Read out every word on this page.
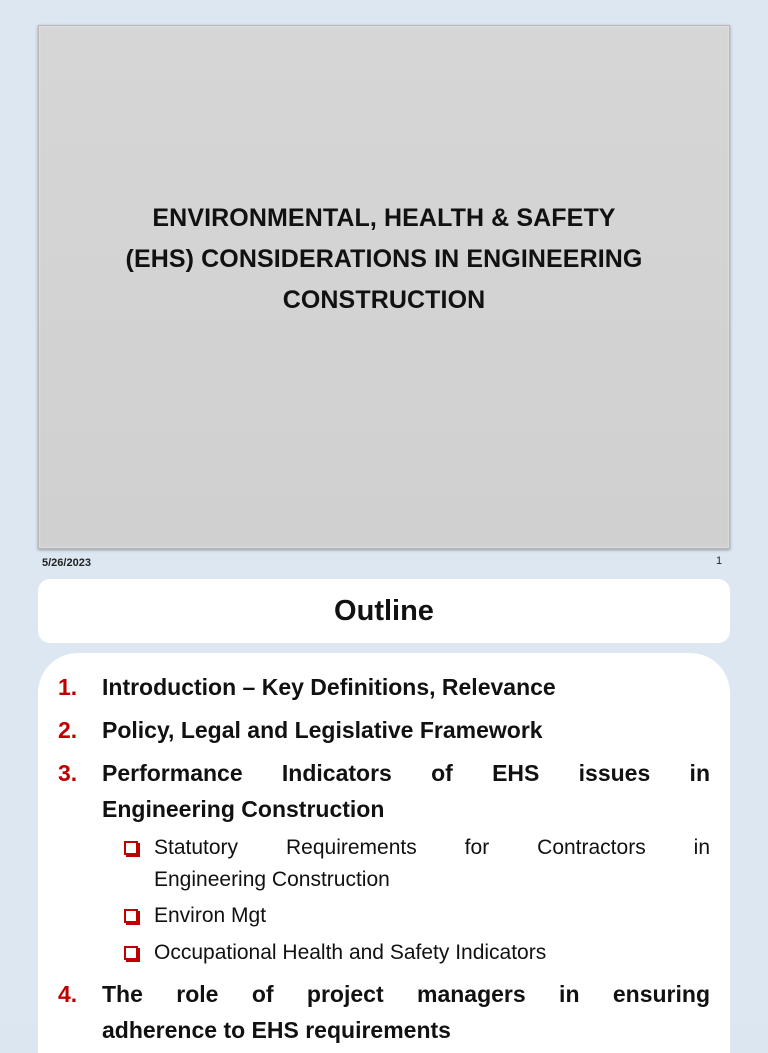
ENVIRONMENTAL, HEALTH & SAFETY
(EHS) CONSIDERATIONS IN ENGINEERING
CONSTRUCTION
5/26/2023	1
Outline
1.	Introduction – Key Definitions, Relevance
2.	Policy, Legal and Legislative Framework
3.	Performance Indicators of EHS issues in
Engineering Construction
Statutory Requirements for Contractors in
Engineering Construction
Environ Mgt
Occupational Health and Safety Indicators
4.	The role of project managers in ensuring
adherence to EHS requirements
